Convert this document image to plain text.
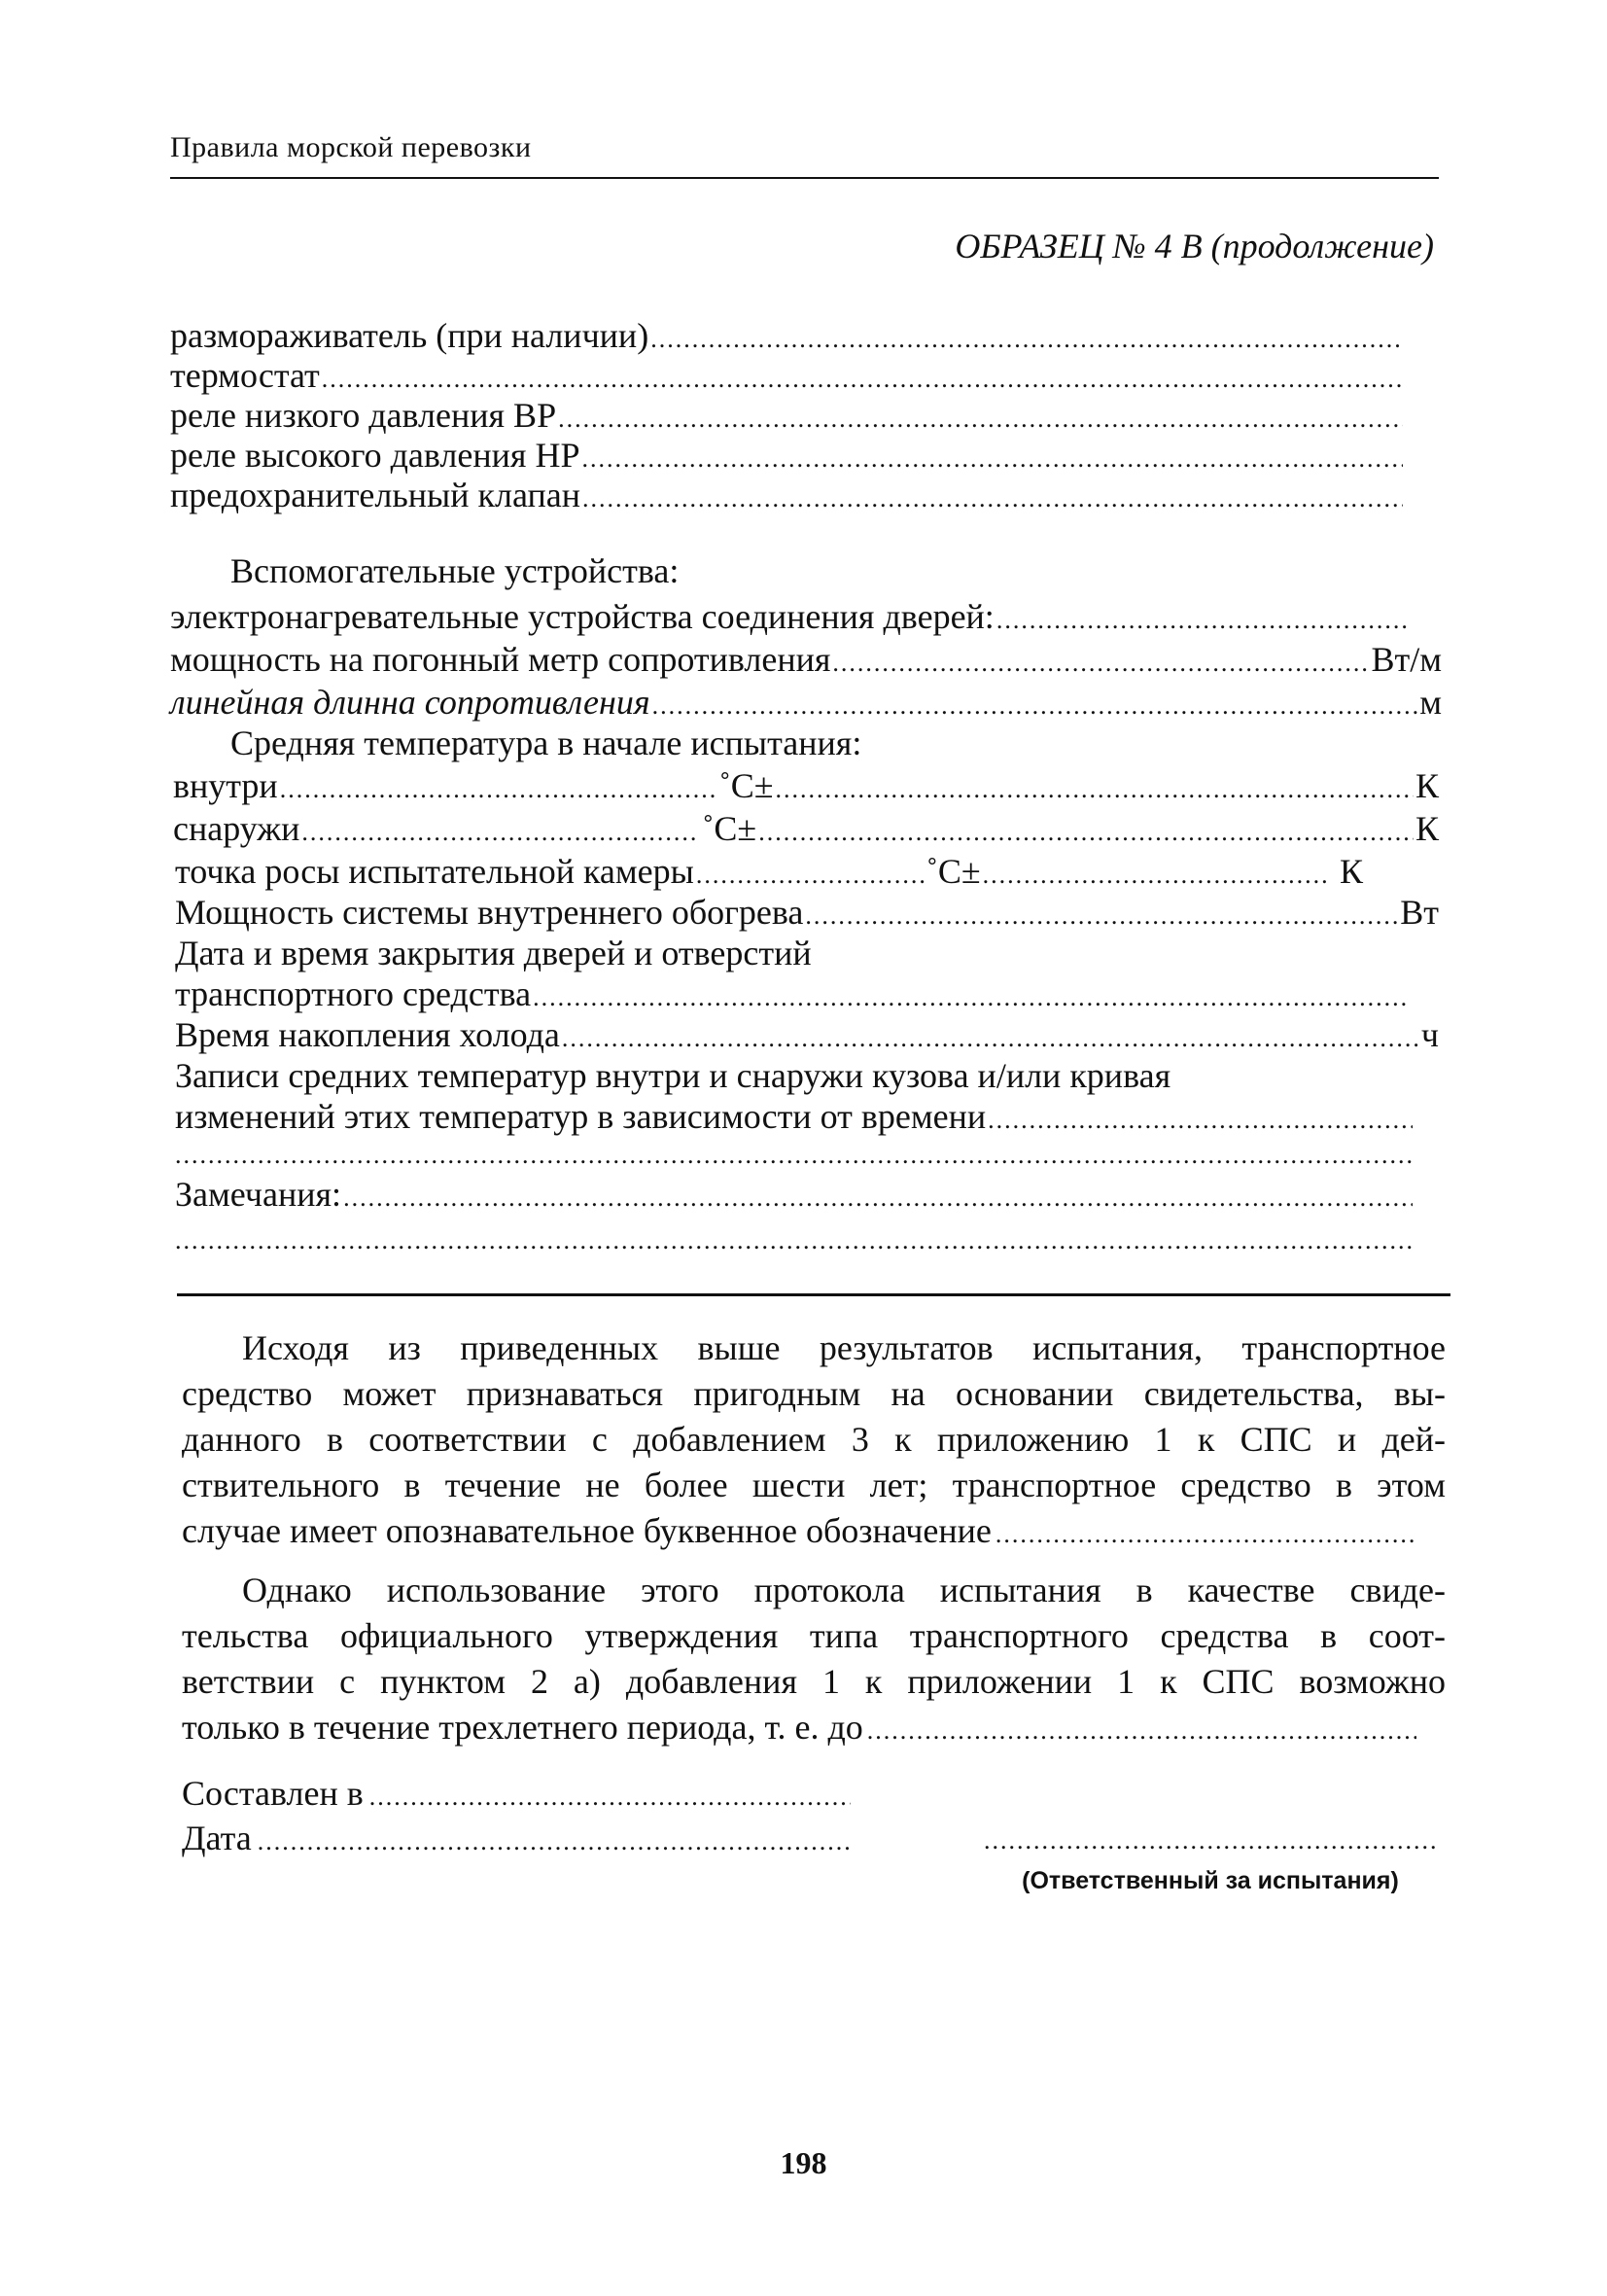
Правила морской перевозки
ОБРАЗЕЦ № 4 В (продолжение)
размораживатель (при наличии)
.....
термостат
.....
реле низкого давления BP
.....
реле высокого давления HP
.....
предохранительный клапан
.....
Вспомогательные устройства:
электронагревательные устройства соединения дверей:
.....
мощность на погонный метр сопротивления .....	Вт/м
линейная длинна сопротивления .....	м
Средняя температура в начале испытания:
внутри .....	˚С± .....	К
снаружи .....	˚С± .....	К
точка росы испытательной камеры .....	˚С± .....	К
Мощность системы внутреннего обогрева .....	Вт
Дата и время закрытия дверей и отверстий
транспортного средства
.....
Время накопления холода .....	ч
Записи средних температур внутри и снаружи кузова и/или кривая
изменений этих температур в зависимости от времени
.....
.....
Замечания:
.....
.....
Исходя из приведенных выше результатов испытания, транспортное
средство может признаваться пригодным на основании свидетельства, вы-
данного в соответствии с добавлением 3 к приложению 1 к СПС и дей-
ствительного в течение не более шести лет; транспортное средство в этом
случае имеет опознавательное буквенное обозначение
.....
Однако использование этого протокола испытания в качестве свиде-
тельства официального утверждения типа транспортного средства в соот-
ветствии с пунктом 2 а) добавления 1 к приложении 1 к СПС возможно
только в течение трехлетнего периода, т. е. до
.....
Составлен в
.....
Дата
.....
.....
(Ответственный за испытания)
198
